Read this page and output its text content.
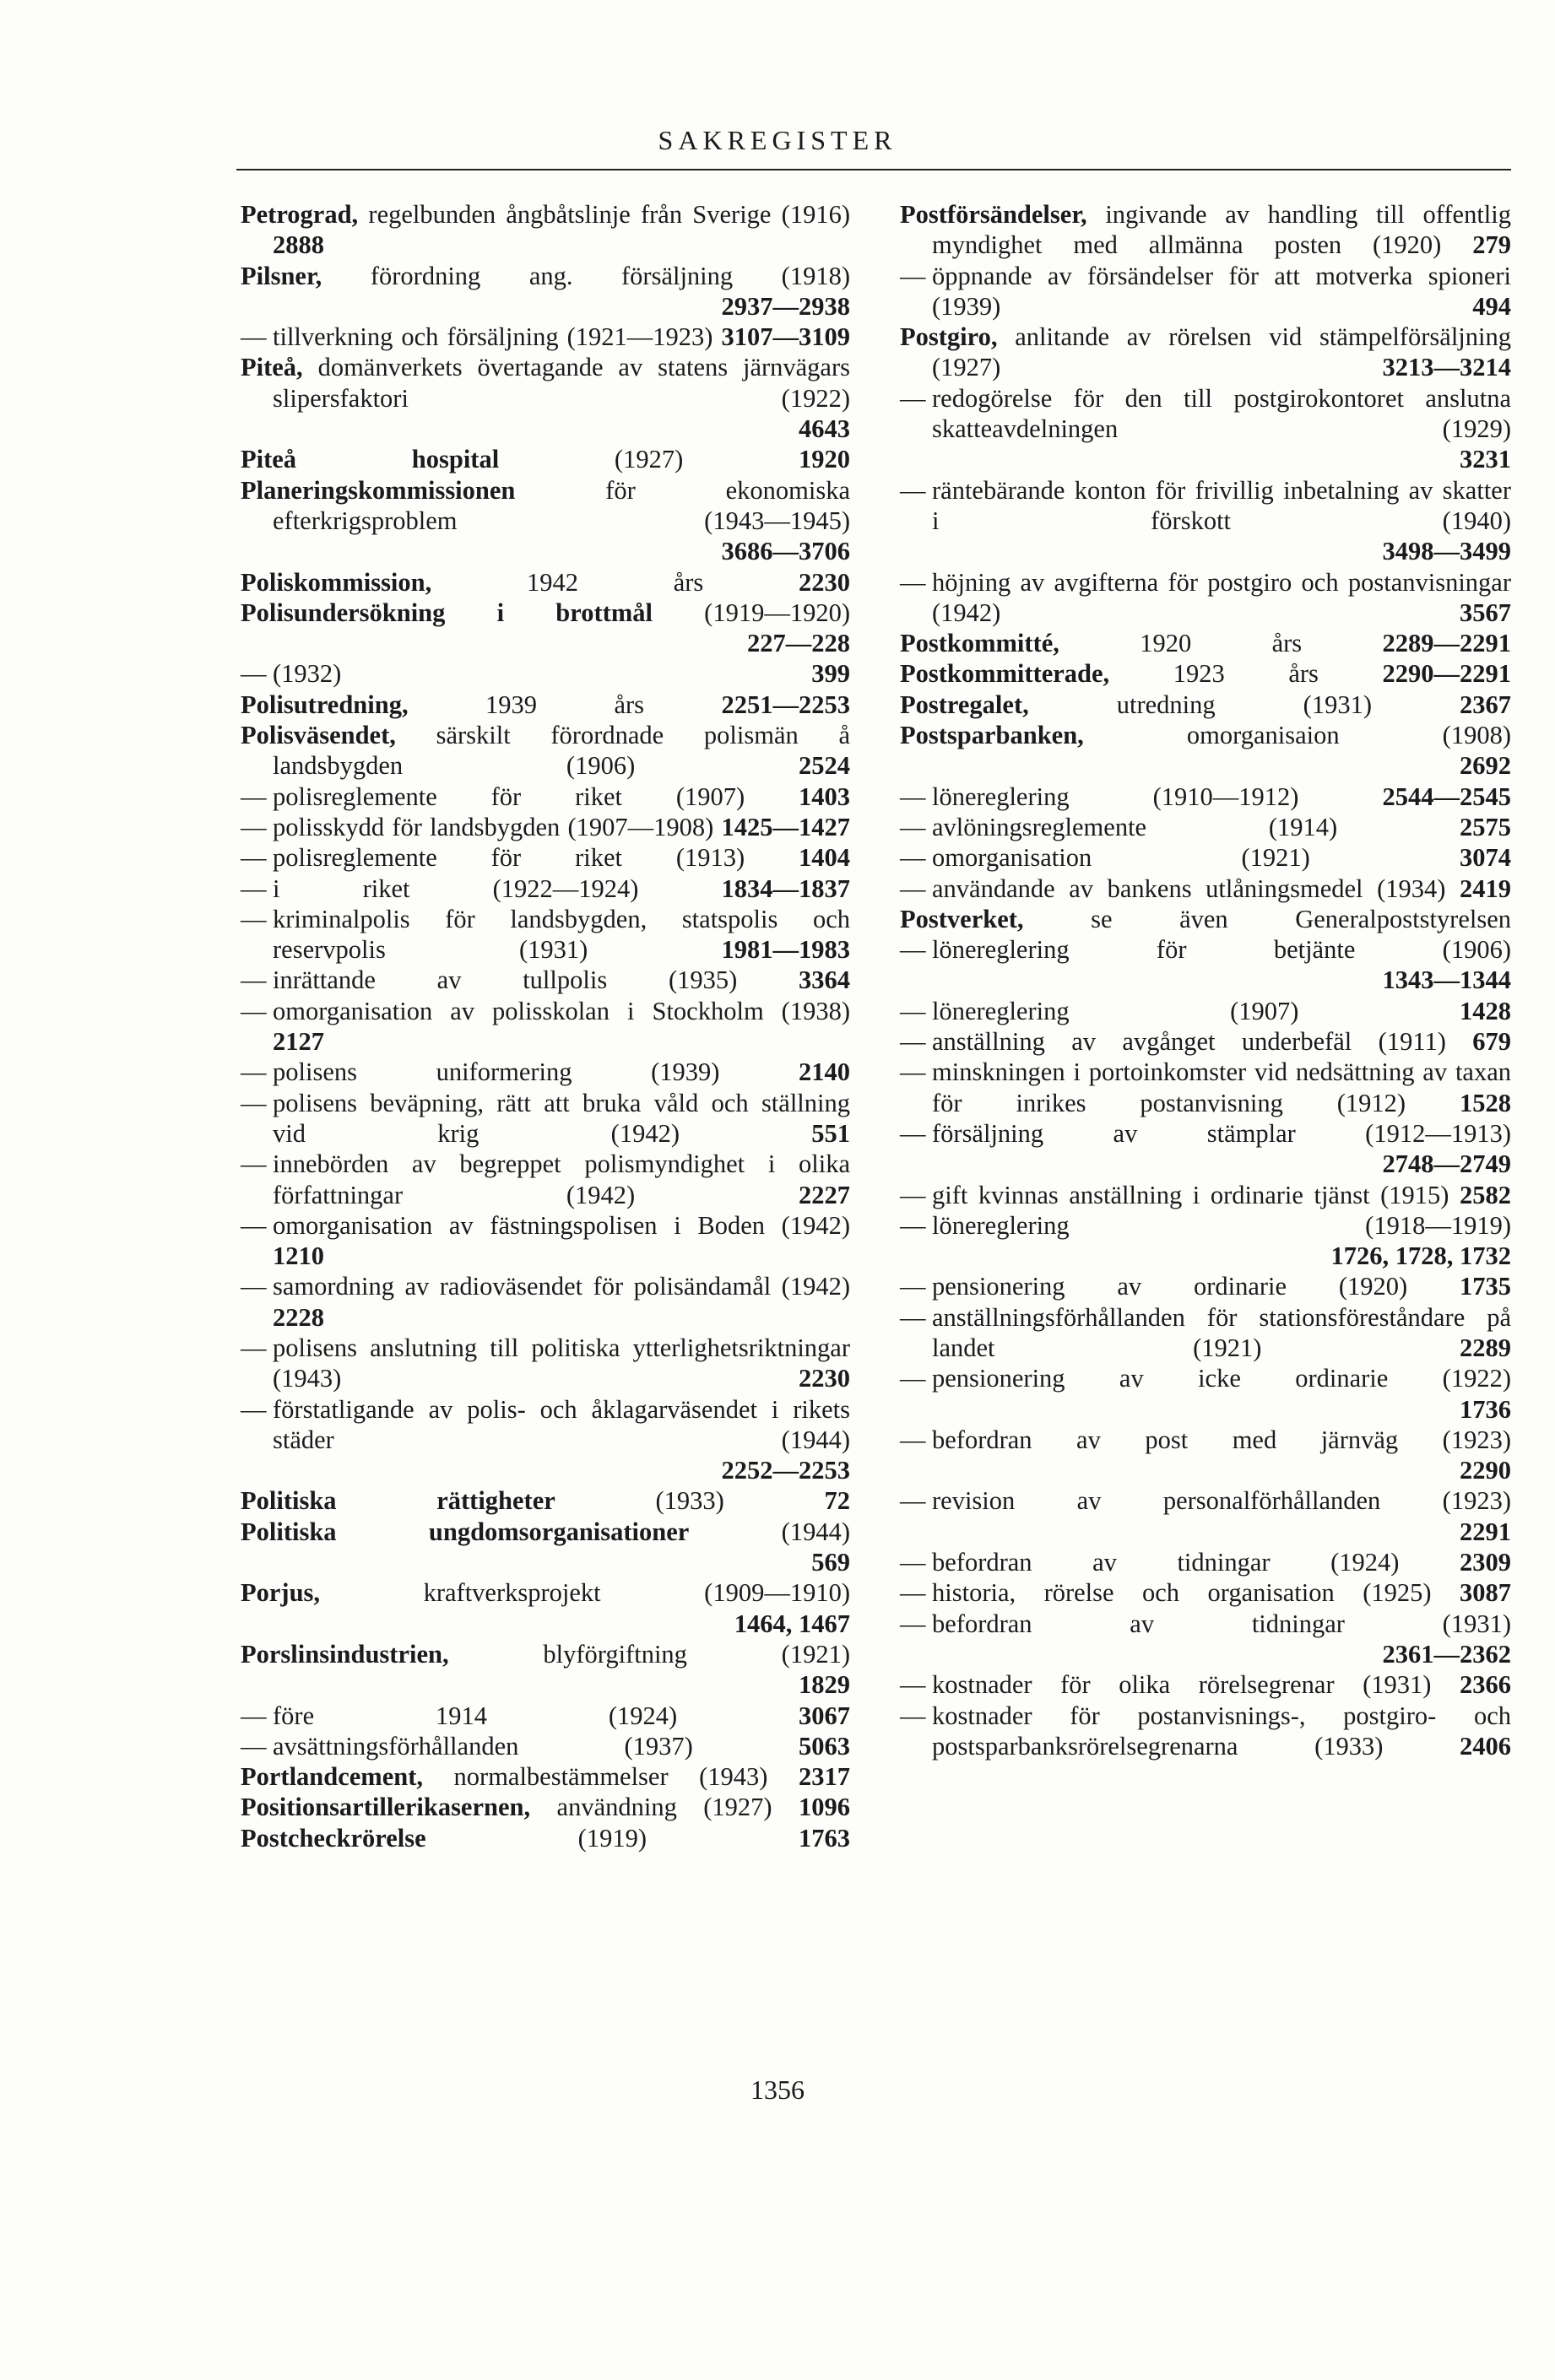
SAKREGISTER
Petrograd, regelbunden ångbåtslinje från Sverige (1916) 2888
Pilsner, förordning ang. försäljning (1918)
2937—2938
— tillverkning och försäljning (1921—1923) 3107—3109
Piteå, domänverkets övertagande av statens järnvägars slipersfaktori (1922)
4643
Piteå hospital (1927)	1920
Planeringskommissionen för ekonomiska efterkrigsproblem (1943—1945)
3686—3706
Poliskommission, 1942 års	2230
Polisundersökning i brottmål (1919—1920)
227—228
— (1932)	399
Polisutredning, 1939 års	2251—2253
Polisväsendet, särskilt förordnade polismän å landsbygden (1906)	2524
— polisreglemente för riket (1907) 1403
— polisskydd för landsbygden (1907—1908) 1425—1427
— polisreglemente för riket (1913) 1404
— i riket (1922—1924)	1834—1837
— kriminalpolis för landsbygden, statspolis och reservpolis (1931)	1981—1983
— inrättande av tullpolis (1935) 3364
— omorganisation av polisskolan i Stockholm (1938) 2127
— polisens uniformering (1939)	2140
— polisens beväpning, rätt att bruka våld och ställning vid krig (1942)	551
— innebörden av begreppet polismyndighet i olika författningar (1942)	2227
— omorganisation av fästningspolisen i Boden (1942) 1210
— samordning av radioväsendet för polisändamål (1942) 2228
— polisens anslutning till politiska ytterlighetsriktningar (1943)	2230
— förstatligande av polis- och åklagarväsendet i rikets städer (1944)
2252—2253
Politiska rättigheter (1933)	72
Politiska ungdomsorganisationer (1944)
569
Porjus, kraftverksprojekt (1909—1910)
1464, 1467
Porslinsindustrien, blyförgiftning (1921)
1829
— före 1914 (1924)	3067
— avsättningsförhållanden (1937)	5063
Portlandcement, normalbestämmelser (1943) 2317
Positionsartillerikasernen, användning (1927) 1096
Postcheckrörelse (1919)	1763
Postförsändelser, ingivande av handling till offentlig myndighet med allmänna posten (1920) 279
— öppnande av försändelser för att motverka spioneri (1939)	494
Postgiro, anlitande av rörelsen vid stämpelförsäljning (1927)	3213—3214
— redogörelse för den till postgirokontoret anslutna skatteavdelningen (1929)
3231
— räntebärande konton för frivillig inbetalning av skatter i förskott (1940)
3498—3499
— höjning av avgifterna för postgiro och postanvisningar (1942)	3567
Postkommitté, 1920 års	2289—2291
Postkommitterade, 1923 års 2290—2291
Postregalet, utredning (1931)	2367
Postsparbanken, omorganisaion (1908)
2692
— lönereglering (1910—1912)	2544—2545
— avlöningsreglemente (1914)	2575
— omorganisation (1921)	3074
— användande av bankens utlåningsmedel (1934) 2419
Postverket, se även Generalpoststyrelsen
— lönereglering för betjänte (1906)
1343—1344
— lönereglering (1907)	1428
— anställning av avgånget underbefäl (1911) 679
— minskningen i portoinkomster vid nedsättning av taxan för inrikes postanvisning (1912) 1528
— försäljning av stämplar (1912—1913)
2748—2749
— gift kvinnas anställning i ordinarie tjänst (1915) 2582
— lönereglering (1918—1919)
1726, 1728, 1732
— pensionering av ordinarie (1920) 1735
— anställningsförhållanden för stationsföreståndare på landet (1921)	2289
— pensionering av icke ordinarie (1922)
1736
— befordran av post med järnväg (1923)
2290
— revision av personalförhållanden (1923)
2291
— befordran av tidningar (1924) 2309
— historia, rörelse och organisation (1925) 3087
— befordran av tidningar (1931)
2361—2362
— kostnader för olika rörelsegrenar (1931) 2366
— kostnader för postanvisnings-, postgiro- och postsparbanksrörelsegrenarna (1933)	2406
1356
